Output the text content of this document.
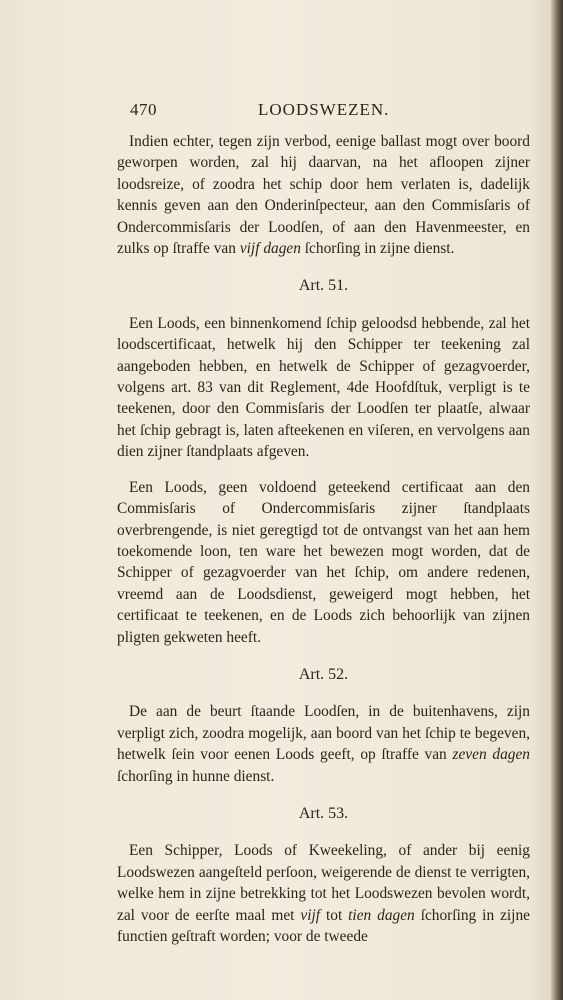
470	LOODSWEZEN.

Indien echter, tegen zijn verbod, eenige ballast mogt over boord geworpen worden, zal hij daarvan, na het afloopen zijner loodsreize, of zoodra het schip door hem verlaten is, dadelijk kennis geven aan den Onderinſpecteur, aan den Commisſaris of Ondercommisſaris der Loodſen, of aan den Havenmeester, en zulks op ſtraffe van vijf dagen ſchorſing in zijne dienst.

Art. 51.

Een Loods, een binnenkomend ſchip geloodsd hebbende, zal het loodscertificaat, hetwelk hij den Schipper ter teekening zal aangeboden hebben, en hetwelk de Schipper of gezagvoerder, volgens art. 83 van dit Reglement, 4de Hoofdſtuk, verpligt is te teekenen, door den Commisſaris der Loodſen ter plaatſe, alwaar het ſchip gebragt is, laten afteekenen en viſeren, en vervolgens aan dien zijner ſtandplaats afgeven.

Een Loods, geen voldoend geteekend certificaat aan den Commisſaris of Ondercommisſaris zijner ſtandplaats overbrengende, is niet geregtigd tot de ontvangst van het aan hem toekomende loon, ten ware het bewezen mogt worden, dat de Schipper of gezagvoerder van het ſchip, om andere redenen, vreemd aan de Loodsdienst, geweigerd mogt hebben, het certificaat te teekenen, en de Loods zich behoorlijk van zijnen pligten gekweten heeft.

Art. 52.

De aan de beurt ſtaande Loodſen, in de buitenhavens, zijn verpligt zich, zoodra mogelijk, aan boord van het ſchip te begeven, hetwelk ſein voor eenen Loods geeft, op ſtraffe van zeven dagen ſchorſing in hunne dienst.

Art. 53.

Een Schipper, Loods of Kweekeling, of ander bij eenig Loodswezen aangeſteld perſoon, weigerende de dienst te verrigten, welke hem in zijne betrekking tot het Loodswezen bevolen wordt, zal voor de eerſte maal met vijf tot tien dagen ſchorſing in zijne functien geſtraft worden; voor de tweede
